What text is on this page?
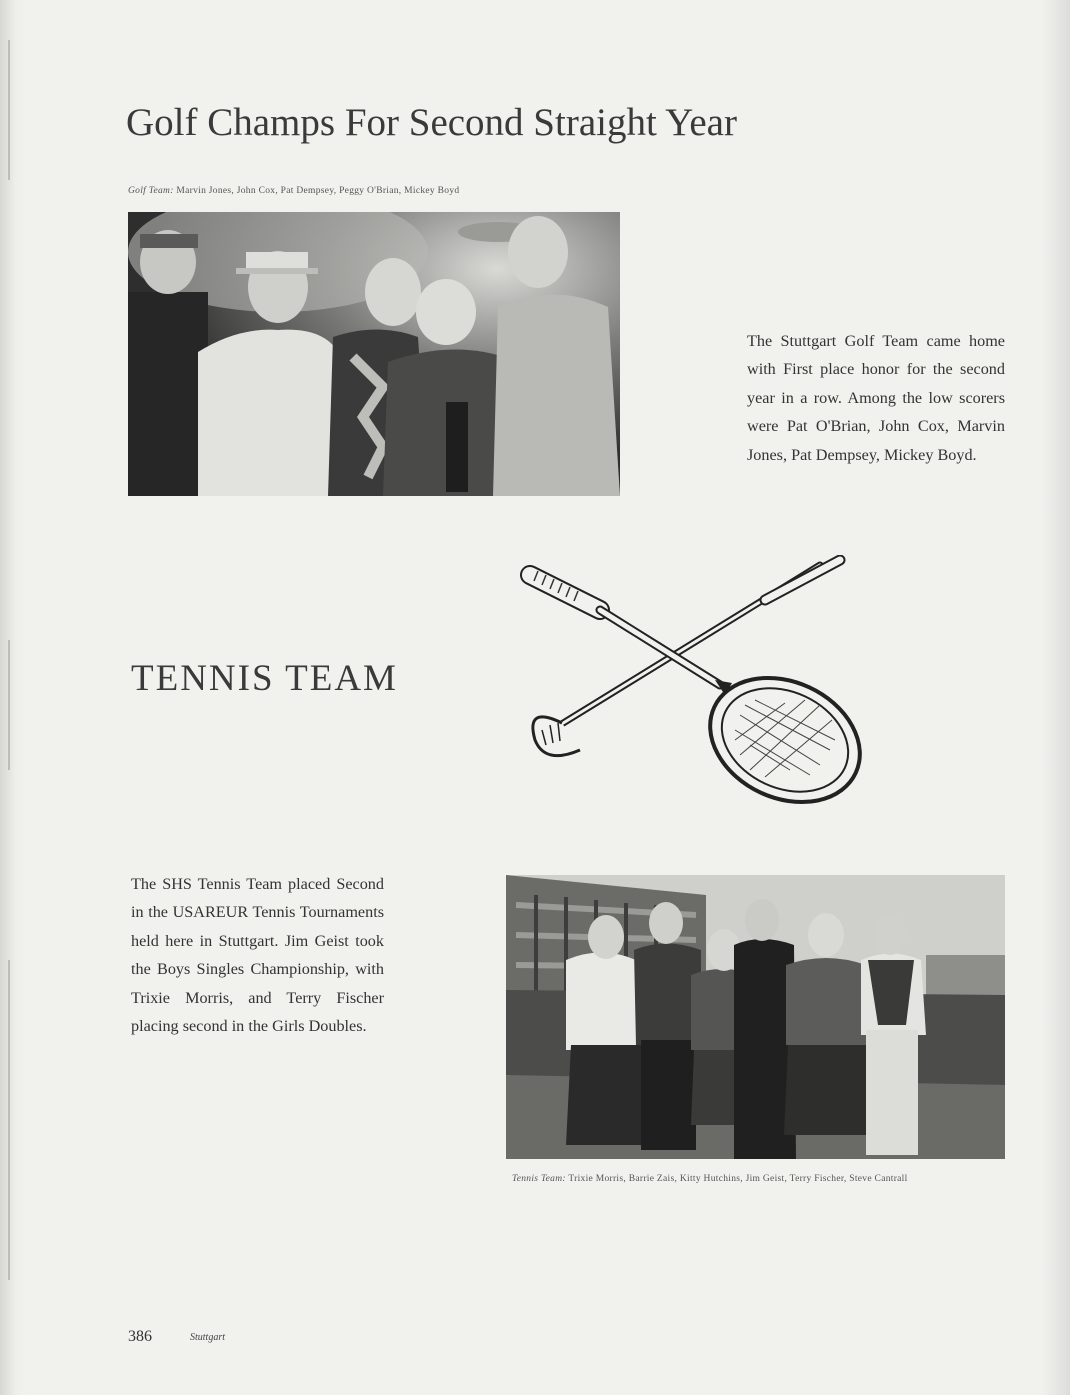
Golf Champs For Second Straight Year
Golf Team: Marvin Jones, John Cox, Pat Dempsey, Peggy O'Brian, Mickey Boyd

The Stuttgart Golf Team came home with First place honor for the second year in a row. Among the low scorers were Pat O'Brian, John Cox, Marvin Jones, Pat Dempsey, Mickey Boyd.

TENNIS TEAM

The SHS Tennis Team placed Second in the USAREUR Tennis Tournaments held here in Stuttgart. Jim Geist took the Boys Singles Championship, with Trixie Morris, and Terry Fischer placing second in the Girls Doubles.

Tennis Team: Trixie Morris, Barrie Zais, Kitty Hutchins, Jim Geist, Terry Fischer, Steve Cantrall
386	Stuttgart
